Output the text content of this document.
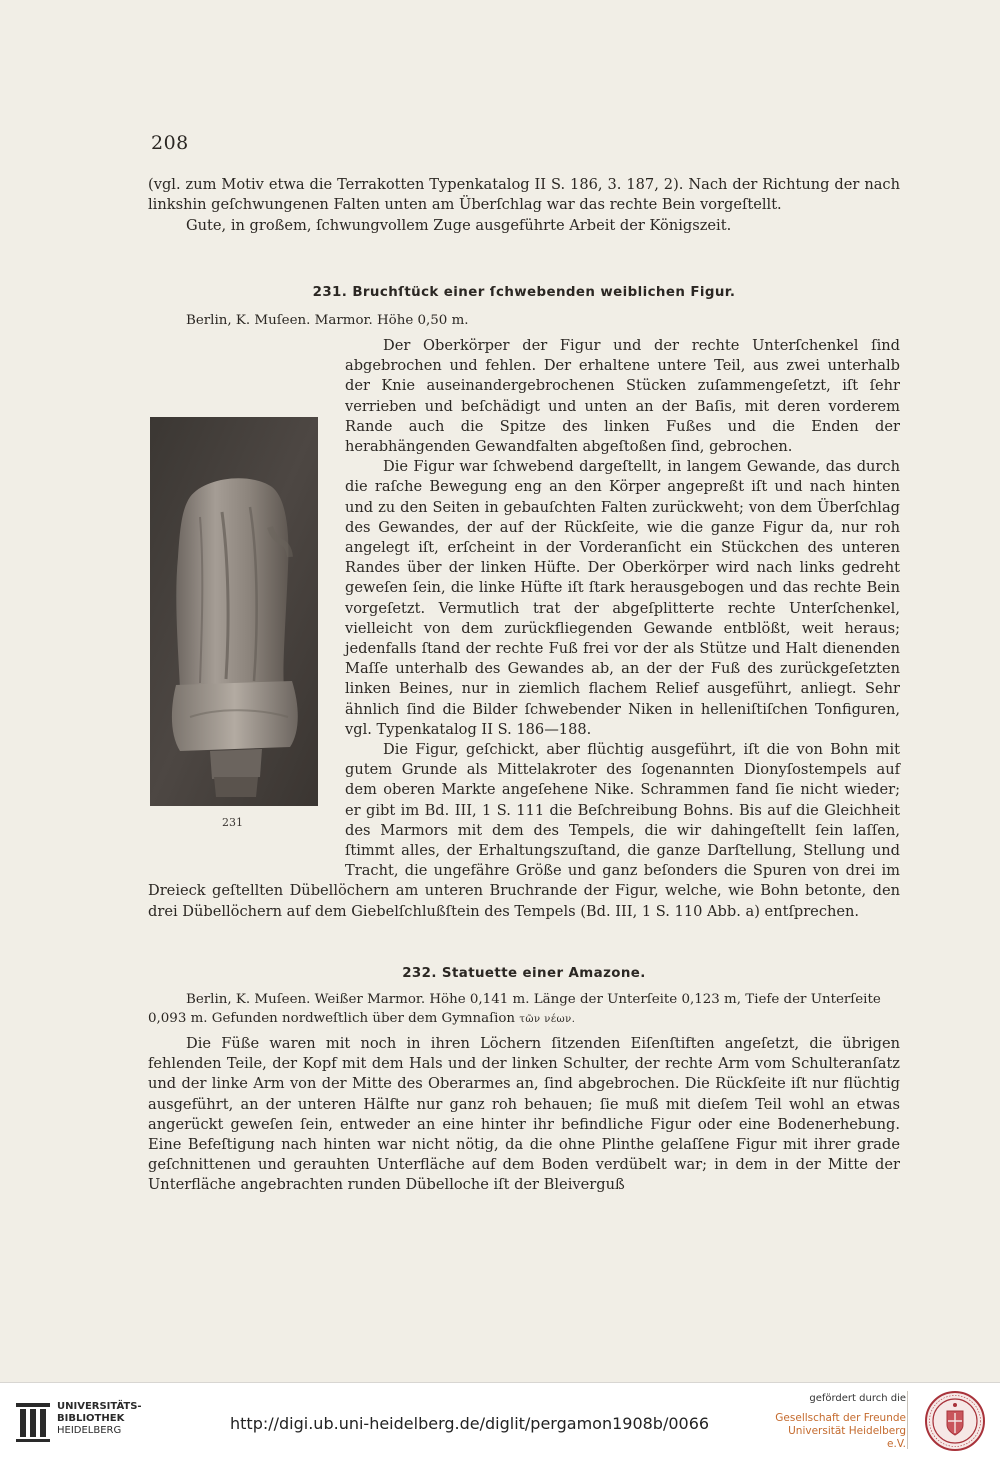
208

(vgl. zum Motiv etwa die Terrakotten Typenkatalog II S. 186, 3. 187, 2). Nach der Richtung der nach linkshin geſchwungenen Falten unten am Überſchlag war das rechte Bein vorgeſtellt.

Gute, in großem, ſchwungvollem Zuge ausgeführte Arbeit der Königszeit.

231. Bruchſtück einer ſchwebenden weiblichen Figur.

Berlin, K. Muſeen. Marmor. Höhe 0,50 m.

231

Der Oberkörper der Figur und der rechte Unterſchenkel ſind abgebrochen und fehlen. Der erhaltene untere Teil, aus zwei unterhalb der Knie auseinandergebrochenen Stücken zuſammengeſetzt, iſt ſehr verrieben und beſchädigt und unten an der Baſis, mit deren vorderem Rande auch die Spitze des linken Fußes und die Enden der herabhängenden Gewandfalten abgeſtoßen ſind, gebrochen.

Die Figur war ſchwebend dargeſtellt, in langem Gewande, das durch die raſche Bewegung eng an den Körper angepreßt iſt und nach hinten und zu den Seiten in gebauſchten Falten zurückweht; von dem Überſchlag des Gewandes, der auf der Rückſeite, wie die ganze Figur da, nur roh angelegt iſt, erſcheint in der Vorderanſicht ein Stückchen des unteren Randes über der linken Hüfte. Der Oberkörper wird nach links gedreht geweſen ſein, die linke Hüfte iſt ſtark herausgebogen und das rechte Bein vorgeſetzt. Vermutlich trat der abgeſplitterte rechte Unterſchenkel, vielleicht von dem zurückfliegenden Gewande entblößt, weit heraus; jedenfalls ſtand der rechte Fuß frei vor der als Stütze und Halt dienenden Maſſe unterhalb des Gewandes ab, an der der Fuß des zurückgeſetzten linken Beines, nur in ziemlich flachem Relief ausgeführt, anliegt. Sehr ähnlich ſind die Bilder ſchwebender Niken in helleniſtiſchen Tonfiguren, vgl. Typenkatalog II S. 186—188.

Die Figur, geſchickt, aber flüchtig ausgeführt, iſt die von Bohn mit gutem Grunde als Mittelakroter des ſogenannten Dionyſostempels auf dem oberen Markte angeſehene Nike. Schrammen fand ſie nicht wieder; er gibt im Bd. III, 1 S. 111 die Beſchreibung Bohns. Bis auf die Gleichheit des Marmors mit dem des Tempels, die wir dahingeſtellt ſein laſſen, ſtimmt alles, der Erhaltungszuſtand, die ganze Darſtellung, Stellung und Tracht, die ungefähre Größe und ganz beſonders die Spuren von drei im Dreieck geſtellten Dübellöchern am unteren Bruchrande der Figur, welche, wie Bohn betonte, den drei Dübellöchern auf dem Giebelſchlußſtein des Tempels (Bd. III, 1 S. 110 Abb. a) entſprechen.

232. Statuette einer Amazone.

Berlin, K. Muſeen. Weißer Marmor. Höhe 0,141 m. Länge der Unterſeite 0,123 m, Tiefe der Unterſeite 0,093 m. Gefunden nordweſtlich über dem Gymnaſion τῶν νέων.

Die Füße waren mit noch in ihren Löchern ſitzenden Eiſenſtiften angeſetzt, die übrigen fehlenden Teile, der Kopf mit dem Hals und der linken Schulter, der rechte Arm vom Schulteranſatz und der linke Arm von der Mitte des Oberarmes an, ſind abgebrochen. Die Rückſeite iſt nur flüchtig ausgeführt, an der unteren Hälfte nur ganz roh behauen; ſie muß mit dieſem Teil wohl an etwas angerückt geweſen ſein, entweder an eine hinter ihr befindliche Figur oder eine Bodenerhebung. Eine Befeſtigung nach hinten war nicht nötig, da die ohne Plinthe gelaſſene Figur mit ihrer grade geſchnittenen und gerauhten Unterfläche auf dem Boden verdübelt war; in dem in der Mitte der Unterfläche angebrachten runden Dübelloche iſt der Bleiverguß

UNIVERSITÄTS-
BIBLIOTHEK
HEIDELBERG	http://digi.ub.uni-heidelberg.de/diglit/pergamon1908b/0066
gefördert durch die
Gesellschaft der Freunde
Universität Heidelberg e.V.
